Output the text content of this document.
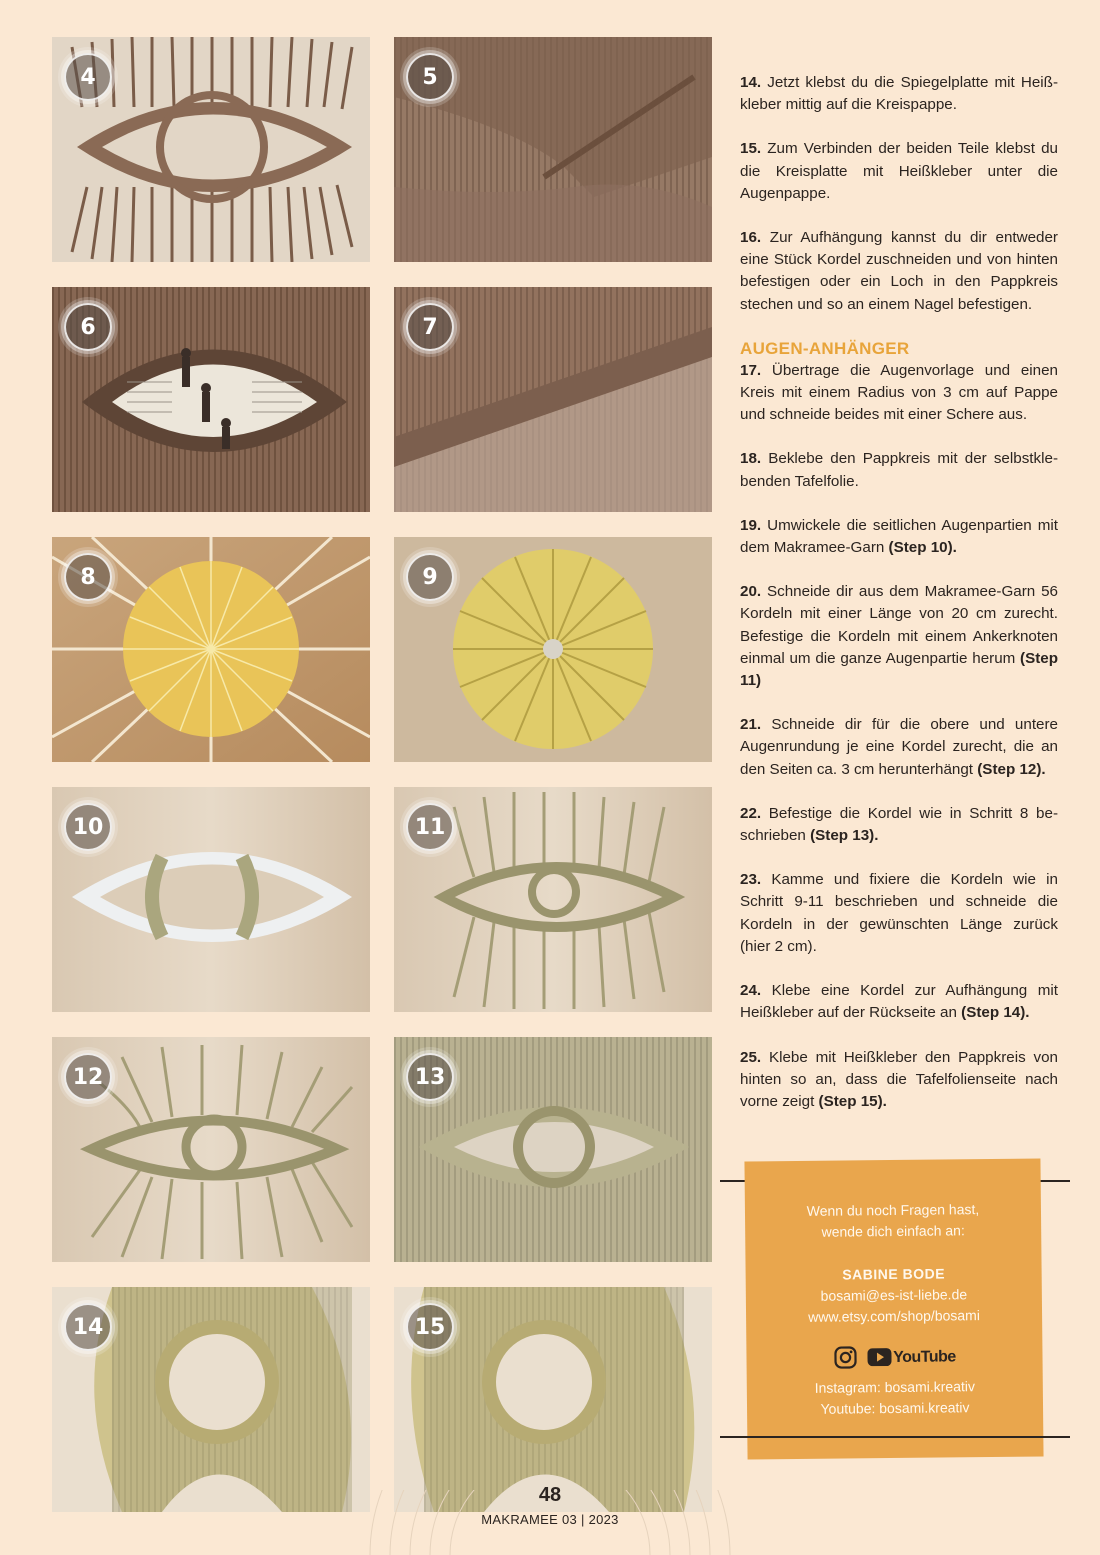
4	5
6	7
8	9
10	11
12	13
14	15
14. Jetzt klebst du die Spiegelplatte mit Heißkleber mittig auf die Kreispappe.
15. Zum Verbinden der beiden Teile klebst du die Kreisplatte mit Heißkleber unter die Augenpappe.
16. Zur Aufhängung kannst du dir entweder eine Stück Kordel zuschneiden und von hinten befestigen oder ein Loch in den Pappkreis stechen und so an einem Nagel befestigen.
AUGEN-ANHÄNGER
17. Übertrage die Augenvorlage und einen Kreis mit einem Radius von 3 cm auf Pappe und schneide beides mit einer Schere aus.
18. Beklebe den Pappkreis mit der selbstklebenden Tafelfolie.
19. Umwickele die seitlichen Augenpartien mit dem Makramee-Garn (Step 10).
20. Schneide dir aus dem Makramee-Garn 56 Kordeln mit einer Länge von 20 cm zurecht. Befestige die Kordeln mit einem Ankerknoten einmal um die ganze Augenpartie herum (Step 11)
21. Schneide dir für die obere und untere Augenrundung je eine Kordel zurecht, die an den Seiten ca. 3 cm herunterhängt (Step 12).
22. Befestige die Kordel wie in Schritt 8 beschrieben (Step 13).
23. Kamme und fixiere die Kordeln wie in Schritt 9-11 beschrieben und schneide die Kordeln in der gewünschten Länge zurück (hier 2 cm).
24. Klebe eine Kordel zur Aufhängung mit Heißkleber auf der Rückseite an (Step 14).
25. Klebe mit Heißkleber den Pappkreis von hinten so an, dass die Tafelfolienseite nach vorne zeigt (Step 15).
Wenn du noch Fragen hast,
wende dich einfach an:
SABINE BODE
bosami@es-ist-liebe.de
www.etsy.com/shop/bosami
YouTube
Instagram: bosami.kreativ
Youtube: bosami.kreativ
48
MAKRAMEE 03 | 2023
